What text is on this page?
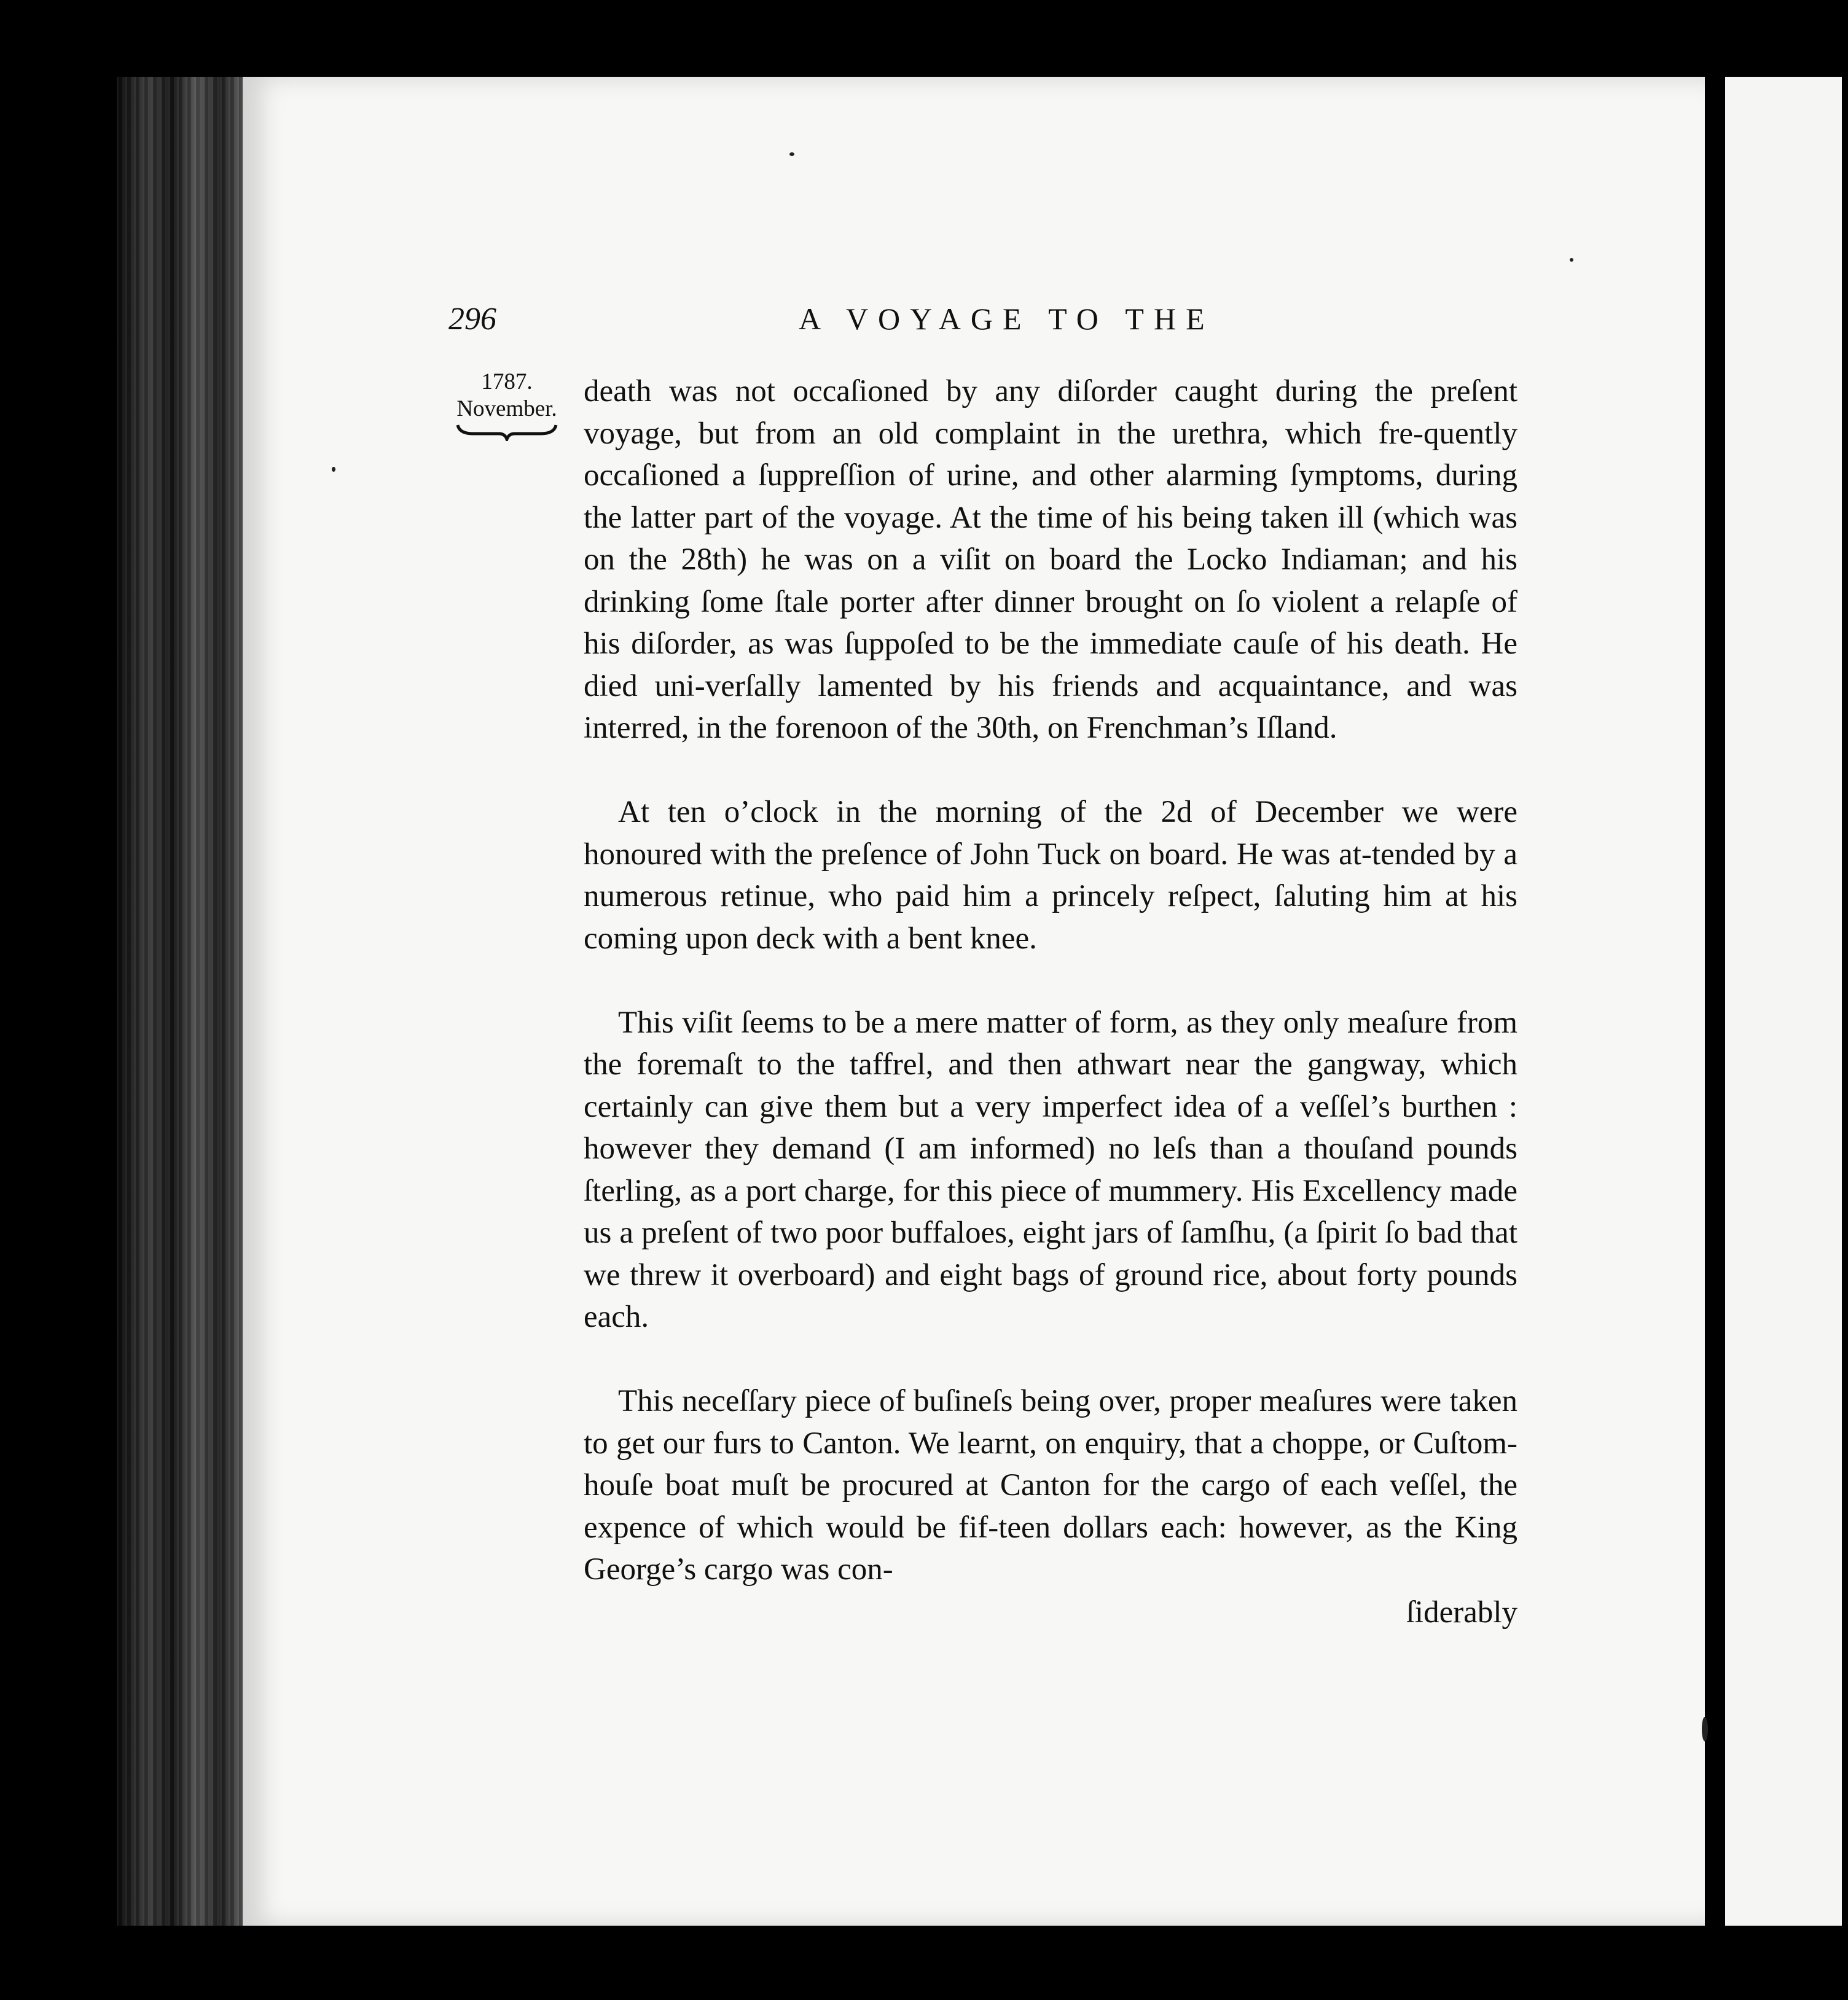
296	A VOYAGE TO THE
1787.
November.

death was not occaſioned by any diſorder caught during the preſent voyage, but from an old complaint in the urethra, which fre-quently occaſioned a ſuppreſſion of urine, and other alarming ſymptoms, during the latter part of the voyage. At the time of his being taken ill (which was on the 28th) he was on a viſit on board the Locko Indiaman; and his drinking ſome ſtale porter after dinner brought on ſo violent a relapſe of his diſorder, as was ſuppoſed to be the immediate cauſe of his death. He died uni-verſally lamented by his friends and acquaintance, and was interred, in the forenoon of the 30th, on Frenchman’s Iſland.

At ten o’clock in the morning of the 2d of December we were honoured with the preſence of John Tuck on board. He was at-tended by a numerous retinue, who paid him a princely reſpect, ſaluting him at his coming upon deck with a bent knee.

This viſit ſeems to be a mere matter of form, as they only meaſure from the foremaſt to the taffrel, and then athwart near the gangway, which certainly can give them but a very imperfect idea of a veſſel’s burthen : however they demand (I am informed) no leſs than a thouſand pounds ſterling, as a port charge, for this piece of mummery. His Excellency made us a preſent of two poor buffaloes, eight jars of ſamſhu, (a ſpirit ſo bad that we threw it overboard) and eight bags of ground rice, about forty pounds each.

This neceſſary piece of buſineſs being over, proper meaſures were taken to get our furs to Canton. We learnt, on enquiry, that a choppe, or Cuſtom-houſe boat muſt be procured at Canton for the cargo of each veſſel, the expence of which would be fif-teen dollars each: however, as the King George’s cargo was con-

ſiderably
